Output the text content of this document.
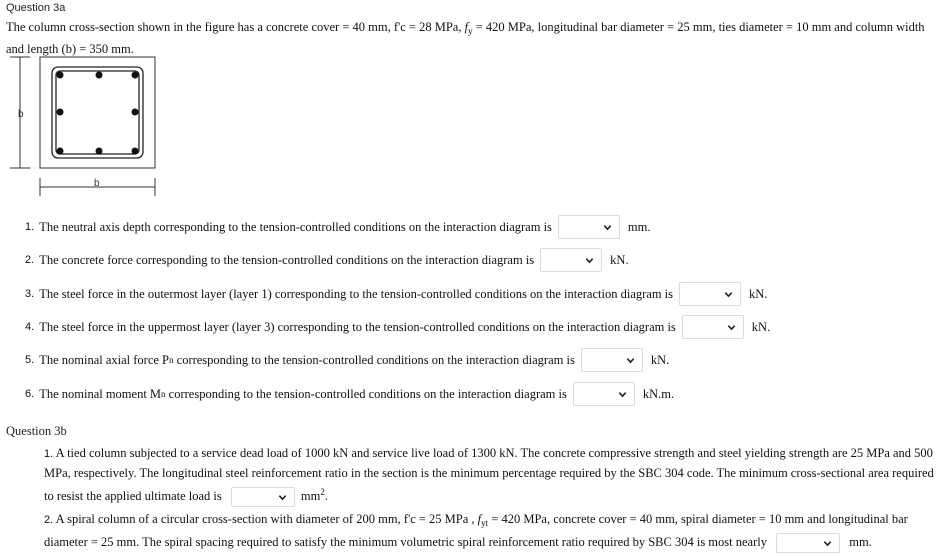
Question 3a
The column cross-section shown in the figure has a concrete cover = 40 mm, f'c = 28 MPa, $f_y = 420$ MPa, longitudinal bar diameter = 25 mm, ties diameter = 10 mm and column width and length (b) = 350 mm.
b
b
1. The neutral axis depth corresponding to the tension-controlled conditions on the interaction diagram is	mm.
2. The concrete force corresponding to the tension-controlled conditions on the interaction diagram is	kN.
3. The steel force in the outermost layer (layer 1) corresponding to the tension-controlled conditions on the interaction diagram is	kN.
4. The steel force in the uppermost layer (layer 3) corresponding to the tension-controlled conditions on the interaction diagram is	kN.
5. The nominal axial force P n
corresponding to the tension-controlled conditions on the interaction diagram is	kN.
6. The nominal moment M n
corresponding to the tension-controlled conditions on the interaction diagram is	kN.m.
Question 3b
1. A tied column subjected to a service dead load of 1000 kN and service live load of 1300 kN. The concrete compressive strength and steel yielding strength are 25 MPa and 500 MPa, respectively. The longitudinal steel reinforcement ratio in the section is the minimum percentage required by the SBC 304 code. The minimum cross-sectional area required to resist the applied ultimate load is	$mm^2$.
2. A spiral column of a circular cross-section with diameter of 200 mm, f'c = 25 MPa , $f_{yt} = 420$ MPa, concrete cover = 40 mm, spiral diameter = 10 mm and longitudinal bar diameter = 25 mm. The spiral spacing required to satisfy the minimum volumetric spiral reinforcement ratio required by SBC 304 is most nearly	mm.
